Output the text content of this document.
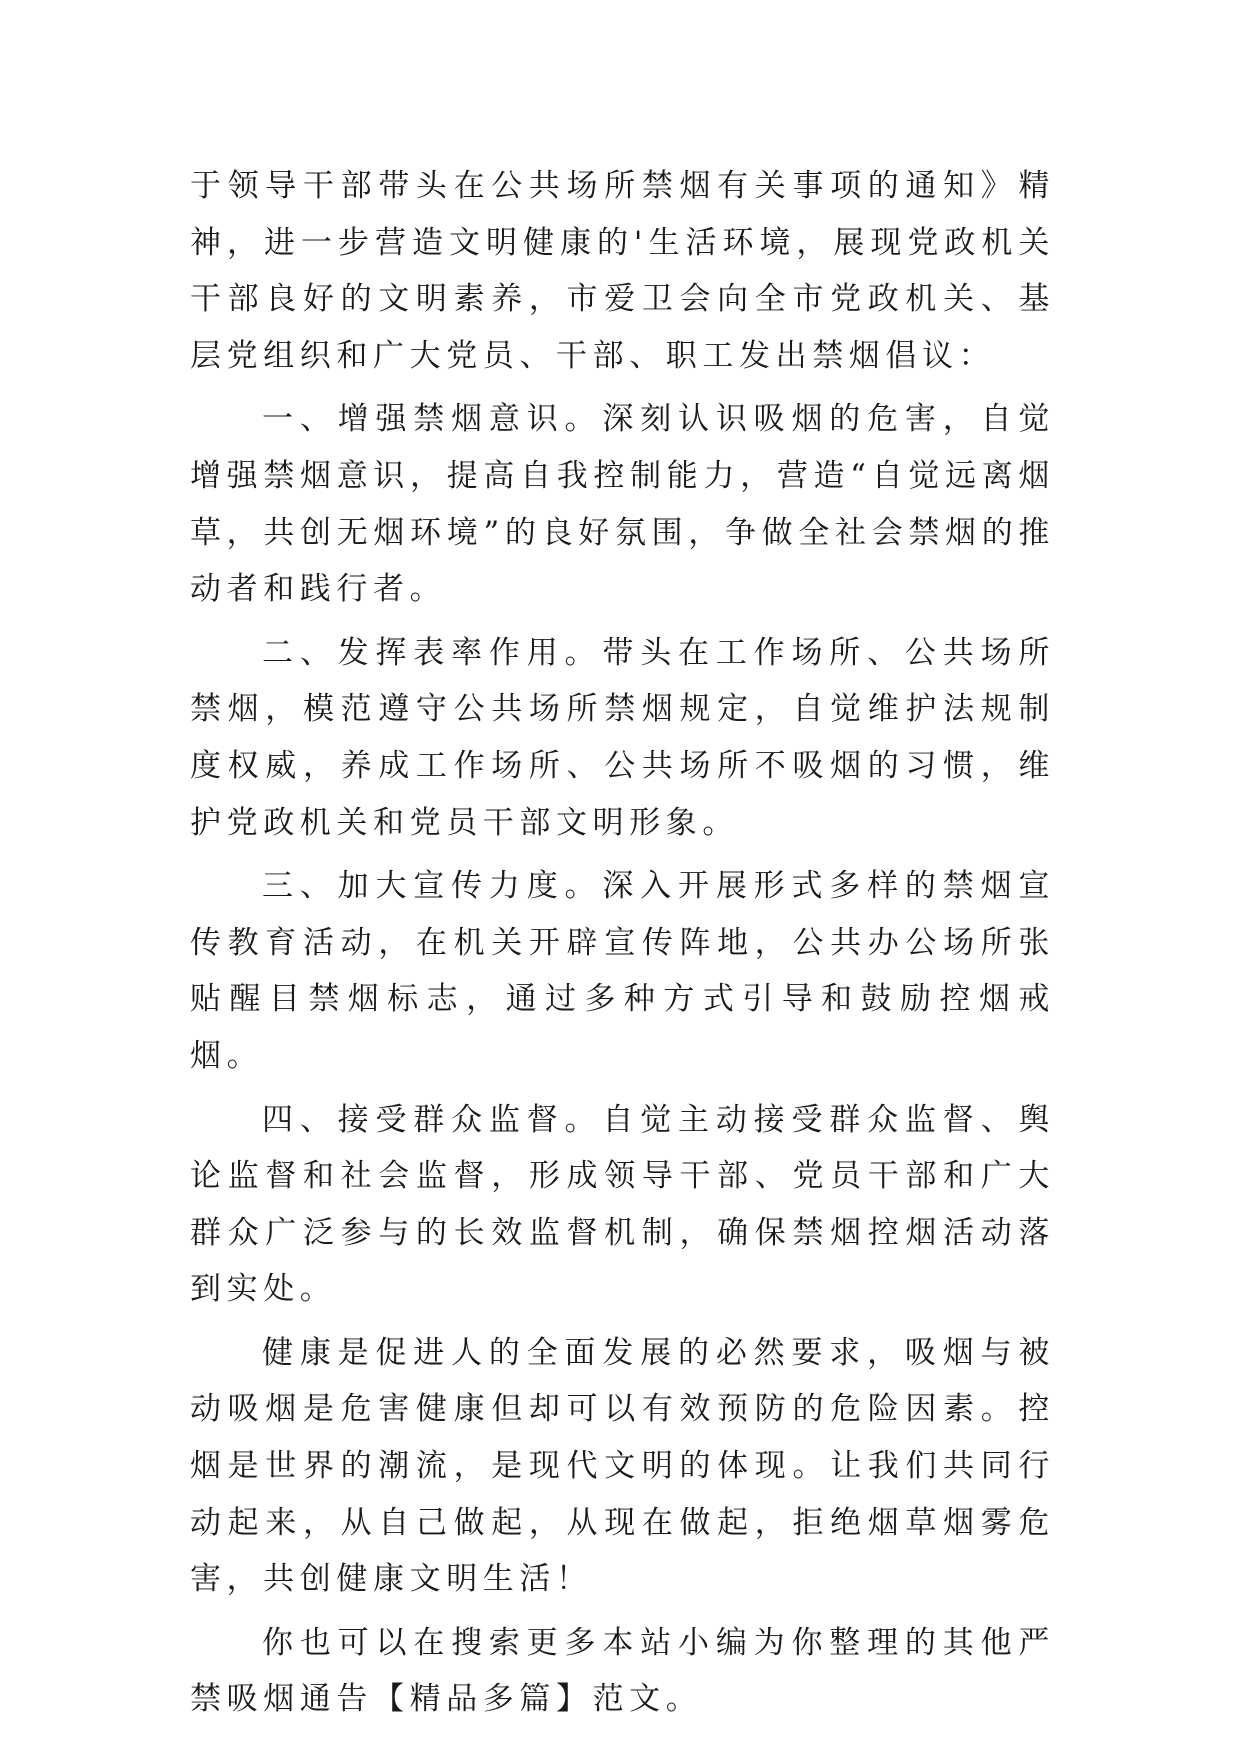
于领导干部带头在公共场所禁烟有关事项的通知》精神，进一步营造文明健康的'生活环境，展现党政机关干部良好的文明素养，市爱卫会向全市党政机关、基层党组织和广大党员、干部、职工发出禁烟倡议：

一、增强禁烟意识。深刻认识吸烟的危害，自觉增强禁烟意识，提高自我控制能力，营造“自觉远离烟草，共创无烟环境”的良好氛围，争做全社会禁烟的推动者和践行者。

二、发挥表率作用。带头在工作场所、公共场所禁烟，模范遵守公共场所禁烟规定，自觉维护法规制度权威，养成工作场所、公共场所不吸烟的习惯，维护党政机关和党员干部文明形象。

三、加大宣传力度。深入开展形式多样的禁烟宣传教育活动，在机关开辟宣传阵地，公共办公场所张贴醒目禁烟标志，通过多种方式引导和鼓励控烟戒烟。

四、接受群众监督。自觉主动接受群众监督、舆论监督和社会监督，形成领导干部、党员干部和广大群众广泛参与的长效监督机制，确保禁烟控烟活动落到实处。

健康是促进人的全面发展的必然要求，吸烟与被动吸烟是危害健康但却可以有效预防的危险因素。控烟是世界的潮流，是现代文明的体现。让我们共同行动起来，从自己做起，从现在做起，拒绝烟草烟雾危害，共创健康文明生活！

你也可以在搜索更多本站小编为你整理的其他严禁吸烟通告【精品多篇】范文。
